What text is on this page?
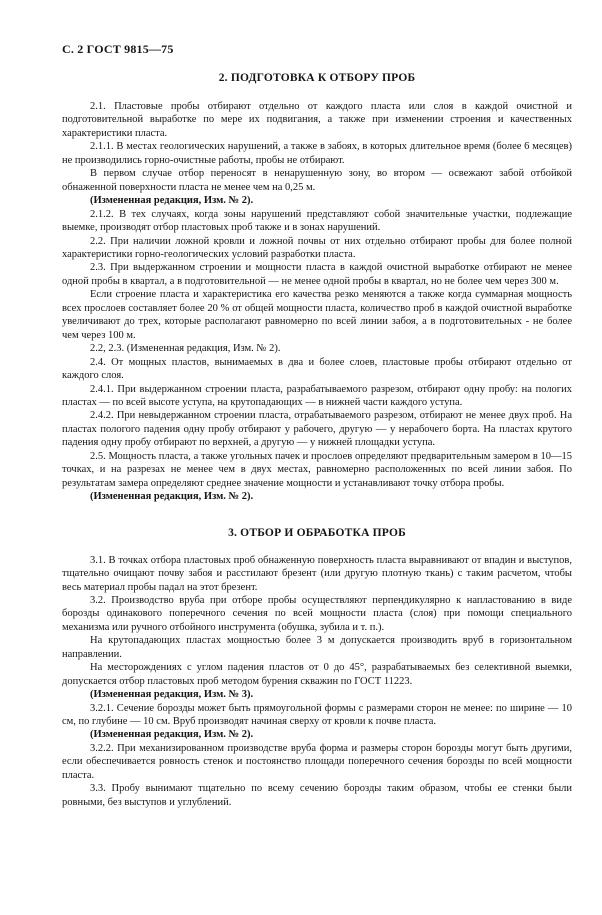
С. 2 ГОСТ 9815—75
2. ПОДГОТОВКА К ОТБОРУ ПРОБ

2.1. Пластовые пробы отбирают отдельно от каждого пласта или слоя в каждой очистной и подготовительной выработке по мере их подвигания, а также при изменении строения и качественных характеристики пласта.

2.1.1. В местах геологических нарушений, а также в забоях, в которых длительное время (более 6 месяцев) не производились горно-очистные работы, пробы не отбирают.

В первом случае отбор переносят в ненарушенную зону, во втором — освежают забой отбойкой обнаженной поверхности пласта не менее чем на 0,25 м.

(Измененная редакция, Изм. № 2).

2.1.2. В тех случаях, когда зоны нарушений представляют собой значительные участки, подлежащие выемке, производят отбор пластовых проб также и в зонах нарушений.

2.2. При наличии ложной кровли и ложной почвы от них отдельно отбирают пробы для более полной характеристики горно-геологических условий разработки пласта.

2.3. При выдержанном строении и мощности пласта в каждой очистной выработке отбирают не менее одной пробы в квартал, а в подготовительной — не менее одной пробы в квартал, но не более чем через 300 м.

Если строение пласта и характеристика его качества резко меняются а также когда суммарная мощность всех прослоев составляет более 20 % от общей мощности пласта, количество проб в каждой очистной выработке увеличивают до трех, которые располагают равномерно по всей линии забоя, а в подготовительных - не более чем через 100 м.

2.2, 2.3. (Измененная редакция, Изм. № 2).

2.4. От мощных пластов, вынимаемых в два и более слоев, пластовые пробы отбирают отдельно от каждого слоя.

2.4.1. При выдержанном строении пласта, разрабатываемого разрезом, отбирают одну пробу: на пологих пластах — по всей высоте уступа, на крутопадающих — в нижней части каждого уступа.

2.4.2. При невыдержанном строении пласта, отрабатываемого разрезом, отбирают не менее двух проб. На пластах пологого падения одну пробу отбирают у рабочего, другую — у нерабочего борта. На пластах крутого падения одну пробу отбирают по верхней, а другую — у нижней площадки уступа.

2.5. Мощность пласта, а также угольных пачек и прослоев определяют предварительным замером в 10—15 точках, и на разрезах не менее чем в двух местах, равномерно расположенных по всей линии забоя. По результатам замера определяют среднее значение мощности и устанавливают точку отбора пробы.

(Измененная редакция, Изм. № 2).

3. ОТБОР И ОБРАБОТКА ПРОБ

3.1. В точках отбора пластовых проб обнаженную поверхность пласта выравнивают от впадин и выступов, тщательно очищают почву забоя и расстилают брезент (или другую плотную ткань) с таким расчетом, чтобы весь материал пробы падал на этот брезент.

3.2. Производство вруба при отборе пробы осуществляют перпендикулярно к напластованию в виде борозды одинакового поперечного сечения по всей мощности пласта (слоя) при помощи специального механизма или ручного отбойного инструмента (обушка, зубила и т. п.).

На крутопадающих пластах мощностью более 3 м допускается производить вруб в горизонтальном направлении.

На месторождениях с углом падения пластов от 0 до 45°, разрабатываемых без селективной выемки, допускается отбор пластовых проб методом бурения скважин по ГОСТ 11223.

(Измененная редакция, Изм. № 3).

3.2.1. Сечение борозды может быть прямоугольной формы с размерами сторон не менее: по ширине — 10 см, по глубине — 10 см. Вруб производят начиная сверху от кровли к почве пласта.

(Измененная редакция, Изм. № 2).

3.2.2. При механизированном производстве вруба форма и размеры сторон борозды могут быть другими, если обеспечивается ровность стенок и постоянство площади поперечного сечения борозды по всей мощности пласта.

3.3. Пробу вынимают тщательно по всему сечению борозды таким образом, чтобы ее стенки были ровными, без выступов и углублений.
